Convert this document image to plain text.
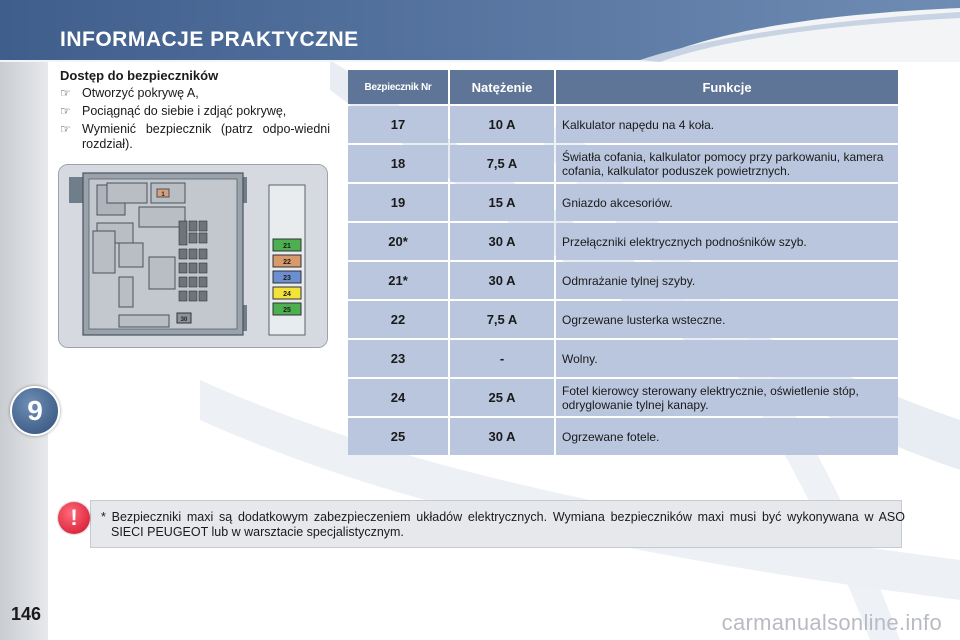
INFORMACJE PRAKTYCZNE
9
146
Dostęp do bezpieczników
☞ Otworzyć pokrywę A,
☞ Pociągnąć do siebie i zdjąć pokrywę,
☞ Wymienić bezpiecznik (patrz odpo-wiedni rozdział).
1
30
21
22
23
24
25
Bezpiecznik Nr	Natężenie	Funkcje
17	10 A	Kalkulator napędu na 4 koła.
18	7,5 A	Światła cofania, kalkulator pomocy przy parkowaniu, kamera cofania, kalkulator poduszek powietrznych.
19	15 A	Gniazdo akcesoriów.
20*	30 A	Przełączniki elektrycznych podnośników szyb.
21*	30 A	Odmrażanie tylnej szyby.
22	7,5 A	Ogrzewane lusterka wsteczne.
23	-	Wolny.
24	25 A	Fotel kierowcy sterowany elektrycznie, oświetlenie stóp, odryglowanie tylnej kanapy.
25	30 A	Ogrzewane fotele.
!	* Bezpieczniki maxi są dodatkowym zabezpieczeniem układów elektrycznych. Wymiana bezpieczników maxi musi być wykonywana w ASO SIECI PEUGEOT lub w warsztacie specjalistycznym.
carmanualsonline.info
